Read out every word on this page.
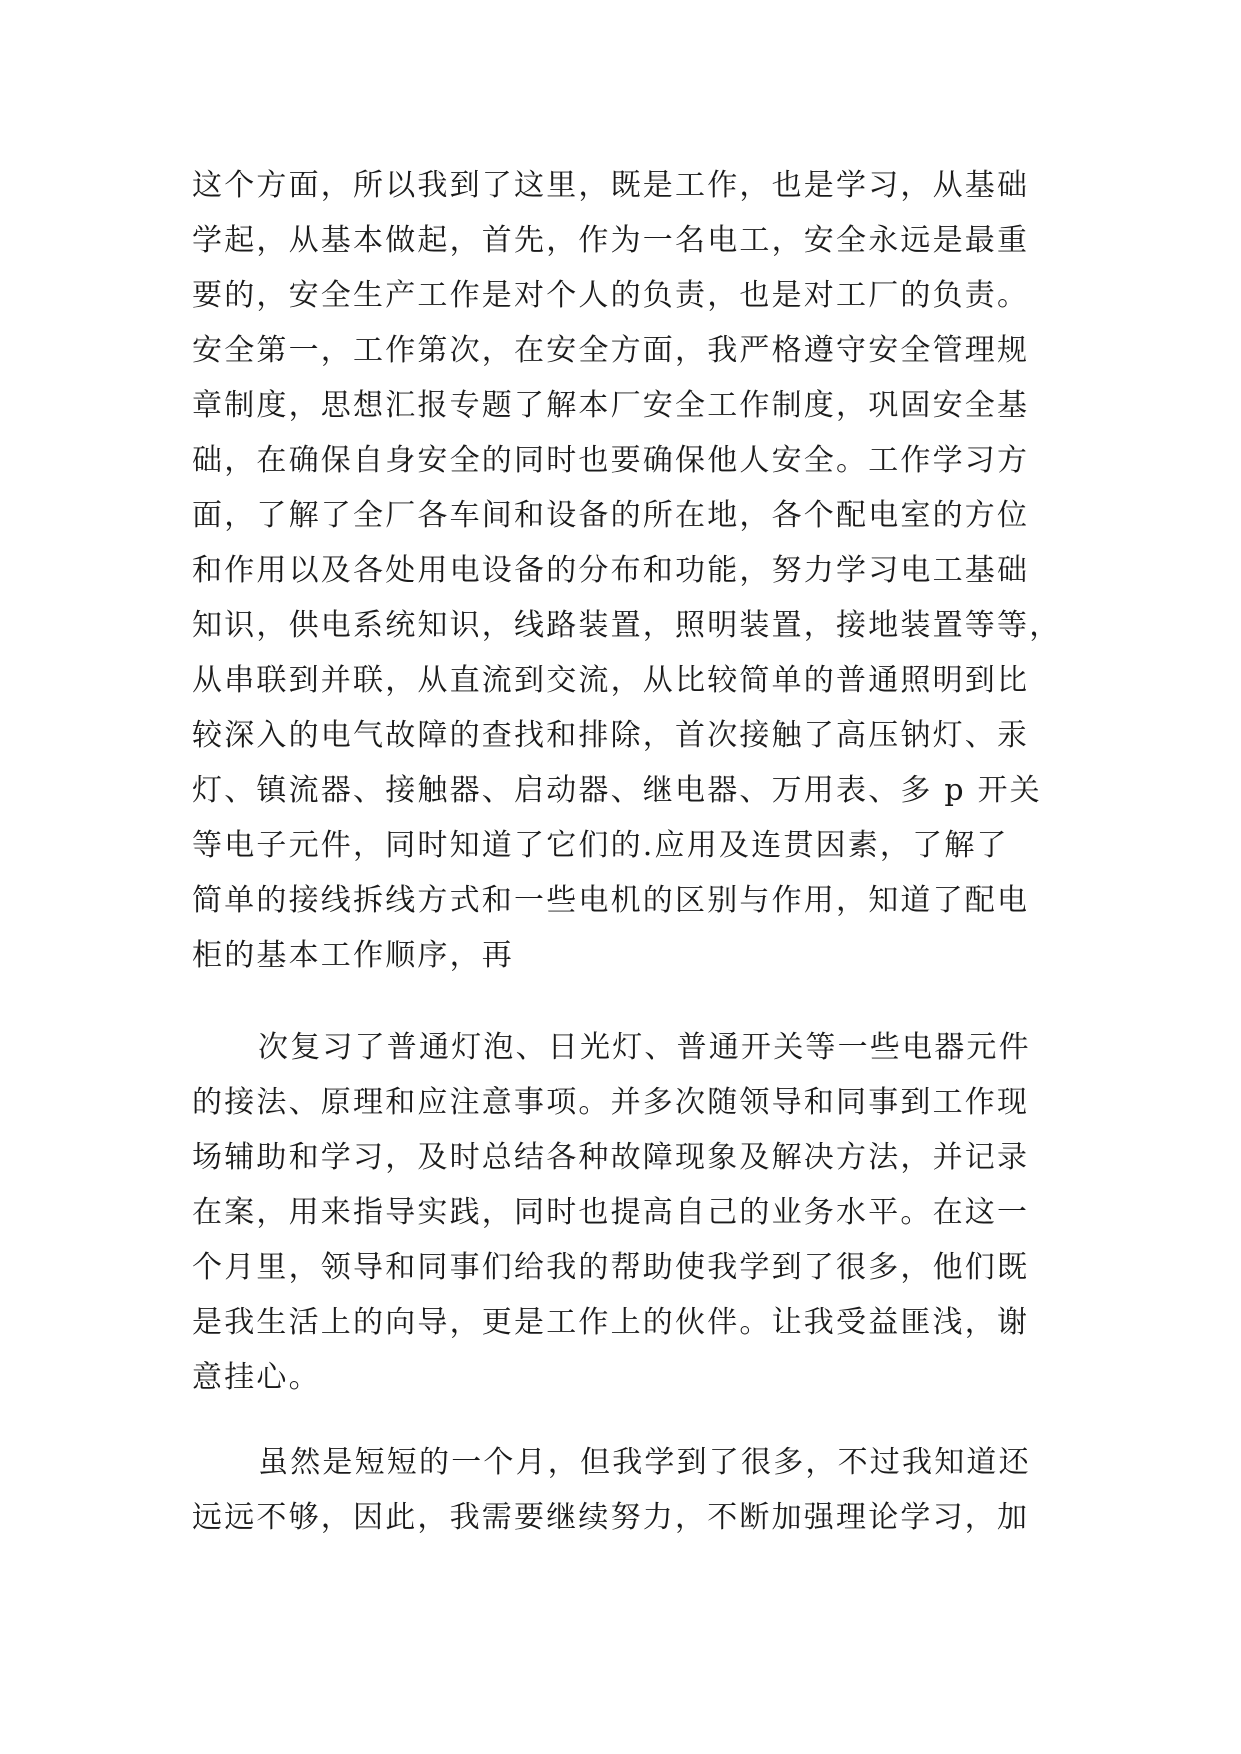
这个方面，所以我到了这里，既是工作，也是学习，从基础
学起，从基本做起，首先，作为一名电工，安全永远是最重
要的，安全生产工作是对个人的负责，也是对工厂的负责。
安全第一，工作第次，在安全方面，我严格遵守安全管理规
章制度，思想汇报专题了解本厂安全工作制度，巩固安全基
础，在确保自身安全的同时也要确保他人安全。工作学习方
面，了解了全厂各车间和设备的所在地，各个配电室的方位
和作用以及各处用电设备的分布和功能，努力学习电工基础
知识，供电系统知识，线路装置，照明装置，接地装置等等，
从串联到并联，从直流到交流，从比较简单的普通照明到比
较深入的电气故障的查找和排除，首次接触了高压钠灯、汞
灯、镇流器、接触器、启动器、继电器、万用表、多 p 开关
等电子元件，同时知道了它们的.应用及连贯因素，了解了
简单的接线拆线方式和一些电机的区别与作用，知道了配电
柜的基本工作顺序，再
次复习了普通灯泡、日光灯、普通开关等一些电器元件
的接法、原理和应注意事项。并多次随领导和同事到工作现
场辅助和学习，及时总结各种故障现象及解决方法，并记录
在案，用来指导实践，同时也提高自己的业务水平。在这一
个月里，领导和同事们给我的帮助使我学到了很多，他们既
是我生活上的向导，更是工作上的伙伴。让我受益匪浅，谢
意挂心。
虽然是短短的一个月，但我学到了很多，不过我知道还
远远不够，因此，我需要继续努力，不断加强理论学习，加
